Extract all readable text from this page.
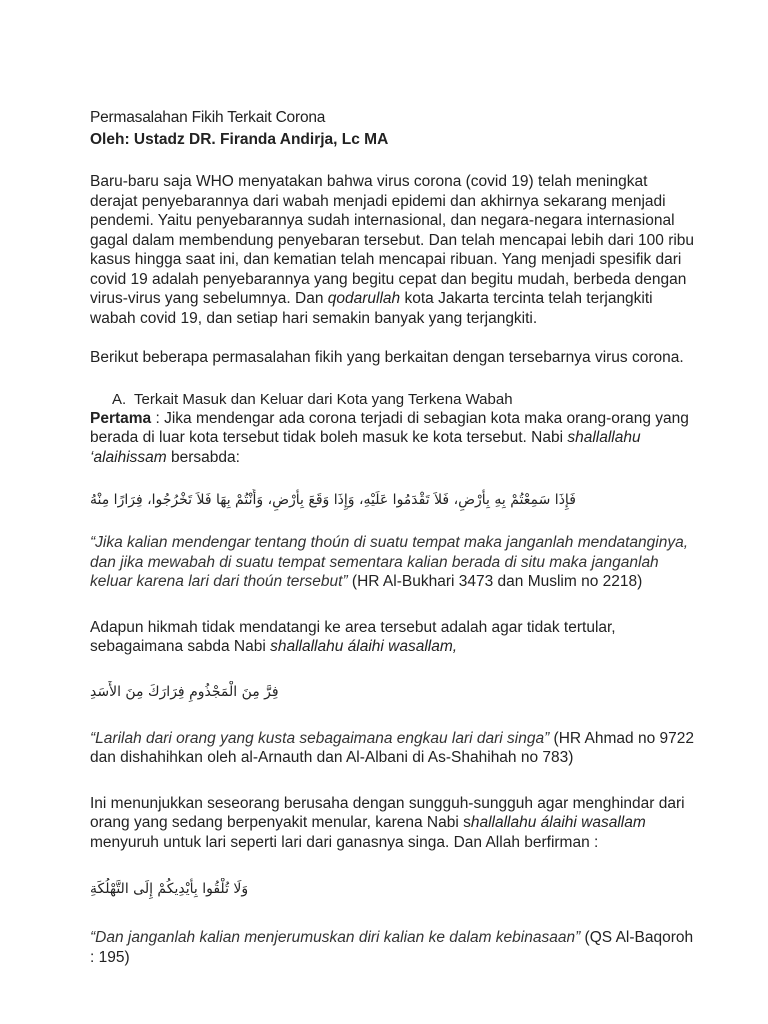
Permasalahan Fikih Terkait Corona
Oleh: Ustadz DR. Firanda Andirja, Lc MA

Baru-baru saja WHO menyatakan bahwa virus corona (covid 19) telah meningkat derajat penyebarannya dari wabah menjadi epidemi dan akhirnya sekarang menjadi pendemi. Yaitu penyebarannya sudah internasional, dan negara-negara internasional gagal dalam membendung penyebaran tersebut. Dan telah mencapai lebih dari 100 ribu kasus hingga saat ini, dan kematian telah mencapai ribuan. Yang menjadi spesifik dari covid 19 adalah penyebarannya yang begitu cepat dan begitu mudah, berbeda dengan virus-virus yang sebelumnya. Dan qodarullah kota Jakarta tercinta telah terjangkiti wabah covid 19, dan setiap hari semakin banyak yang terjangkiti.

Berikut beberapa permasalahan fikih yang berkaitan dengan tersebarnya virus corona.

A. Terkait Masuk dan Keluar dari Kota yang Terkena Wabah

Pertama : Jika mendengar ada corona terjadi di sebagian kota maka orang-orang yang berada di luar kota tersebut tidak boleh masuk ke kota tersebut. Nabi shallallahu ‘alaihissam bersabda:

فَإِذَا سَمِعْتُمْ بِهِ بِأَرْضٍ، فَلاَ تَقْدَمُوا عَلَيْهِ، وَإِذَا وَقَعَ بِأَرْضٍ، وَأَنْتُمْ بِهَا فَلاَ تَخْرُجُوا، فِرَارًا مِنْهُ

“Jika kalian mendengar tentang thoún di suatu tempat maka janganlah mendatanginya, dan jika mewabah di suatu tempat sementara kalian berada di situ maka janganlah keluar karena lari dari thoún tersebut” (HR Al-Bukhari 3473 dan Muslim no 2218)

Adapun hikmah tidak mendatangi ke area tersebut adalah agar tidak tertular, sebagaimana sabda Nabi shallallahu álaihi wasallam,

فِرَّ مِنَ الْمَجْذُومِ فِرَارَكَ مِنَ الأَسَدِ

“Larilah dari orang yang kusta sebagaimana engkau lari dari singa” (HR Ahmad no 9722 dan dishahihkan oleh al-Arnauth dan Al-Albani di As-Shahihah no 783)

Ini menunjukkan seseorang berusaha dengan sungguh-sungguh agar menghindar dari orang yang sedang berpenyakit menular, karena Nabi shallallahu álaihi wasallam menyuruh untuk lari seperti lari dari ganasnya singa. Dan Allah berfirman :

وَلَا تُلْقُوا بِأَيْدِيكُمْ إِلَى التَّهْلُكَةِ

“Dan janganlah kalian menjerumuskan diri kalian ke dalam kebinasaan” (QS Al-Baqoroh : 195)
